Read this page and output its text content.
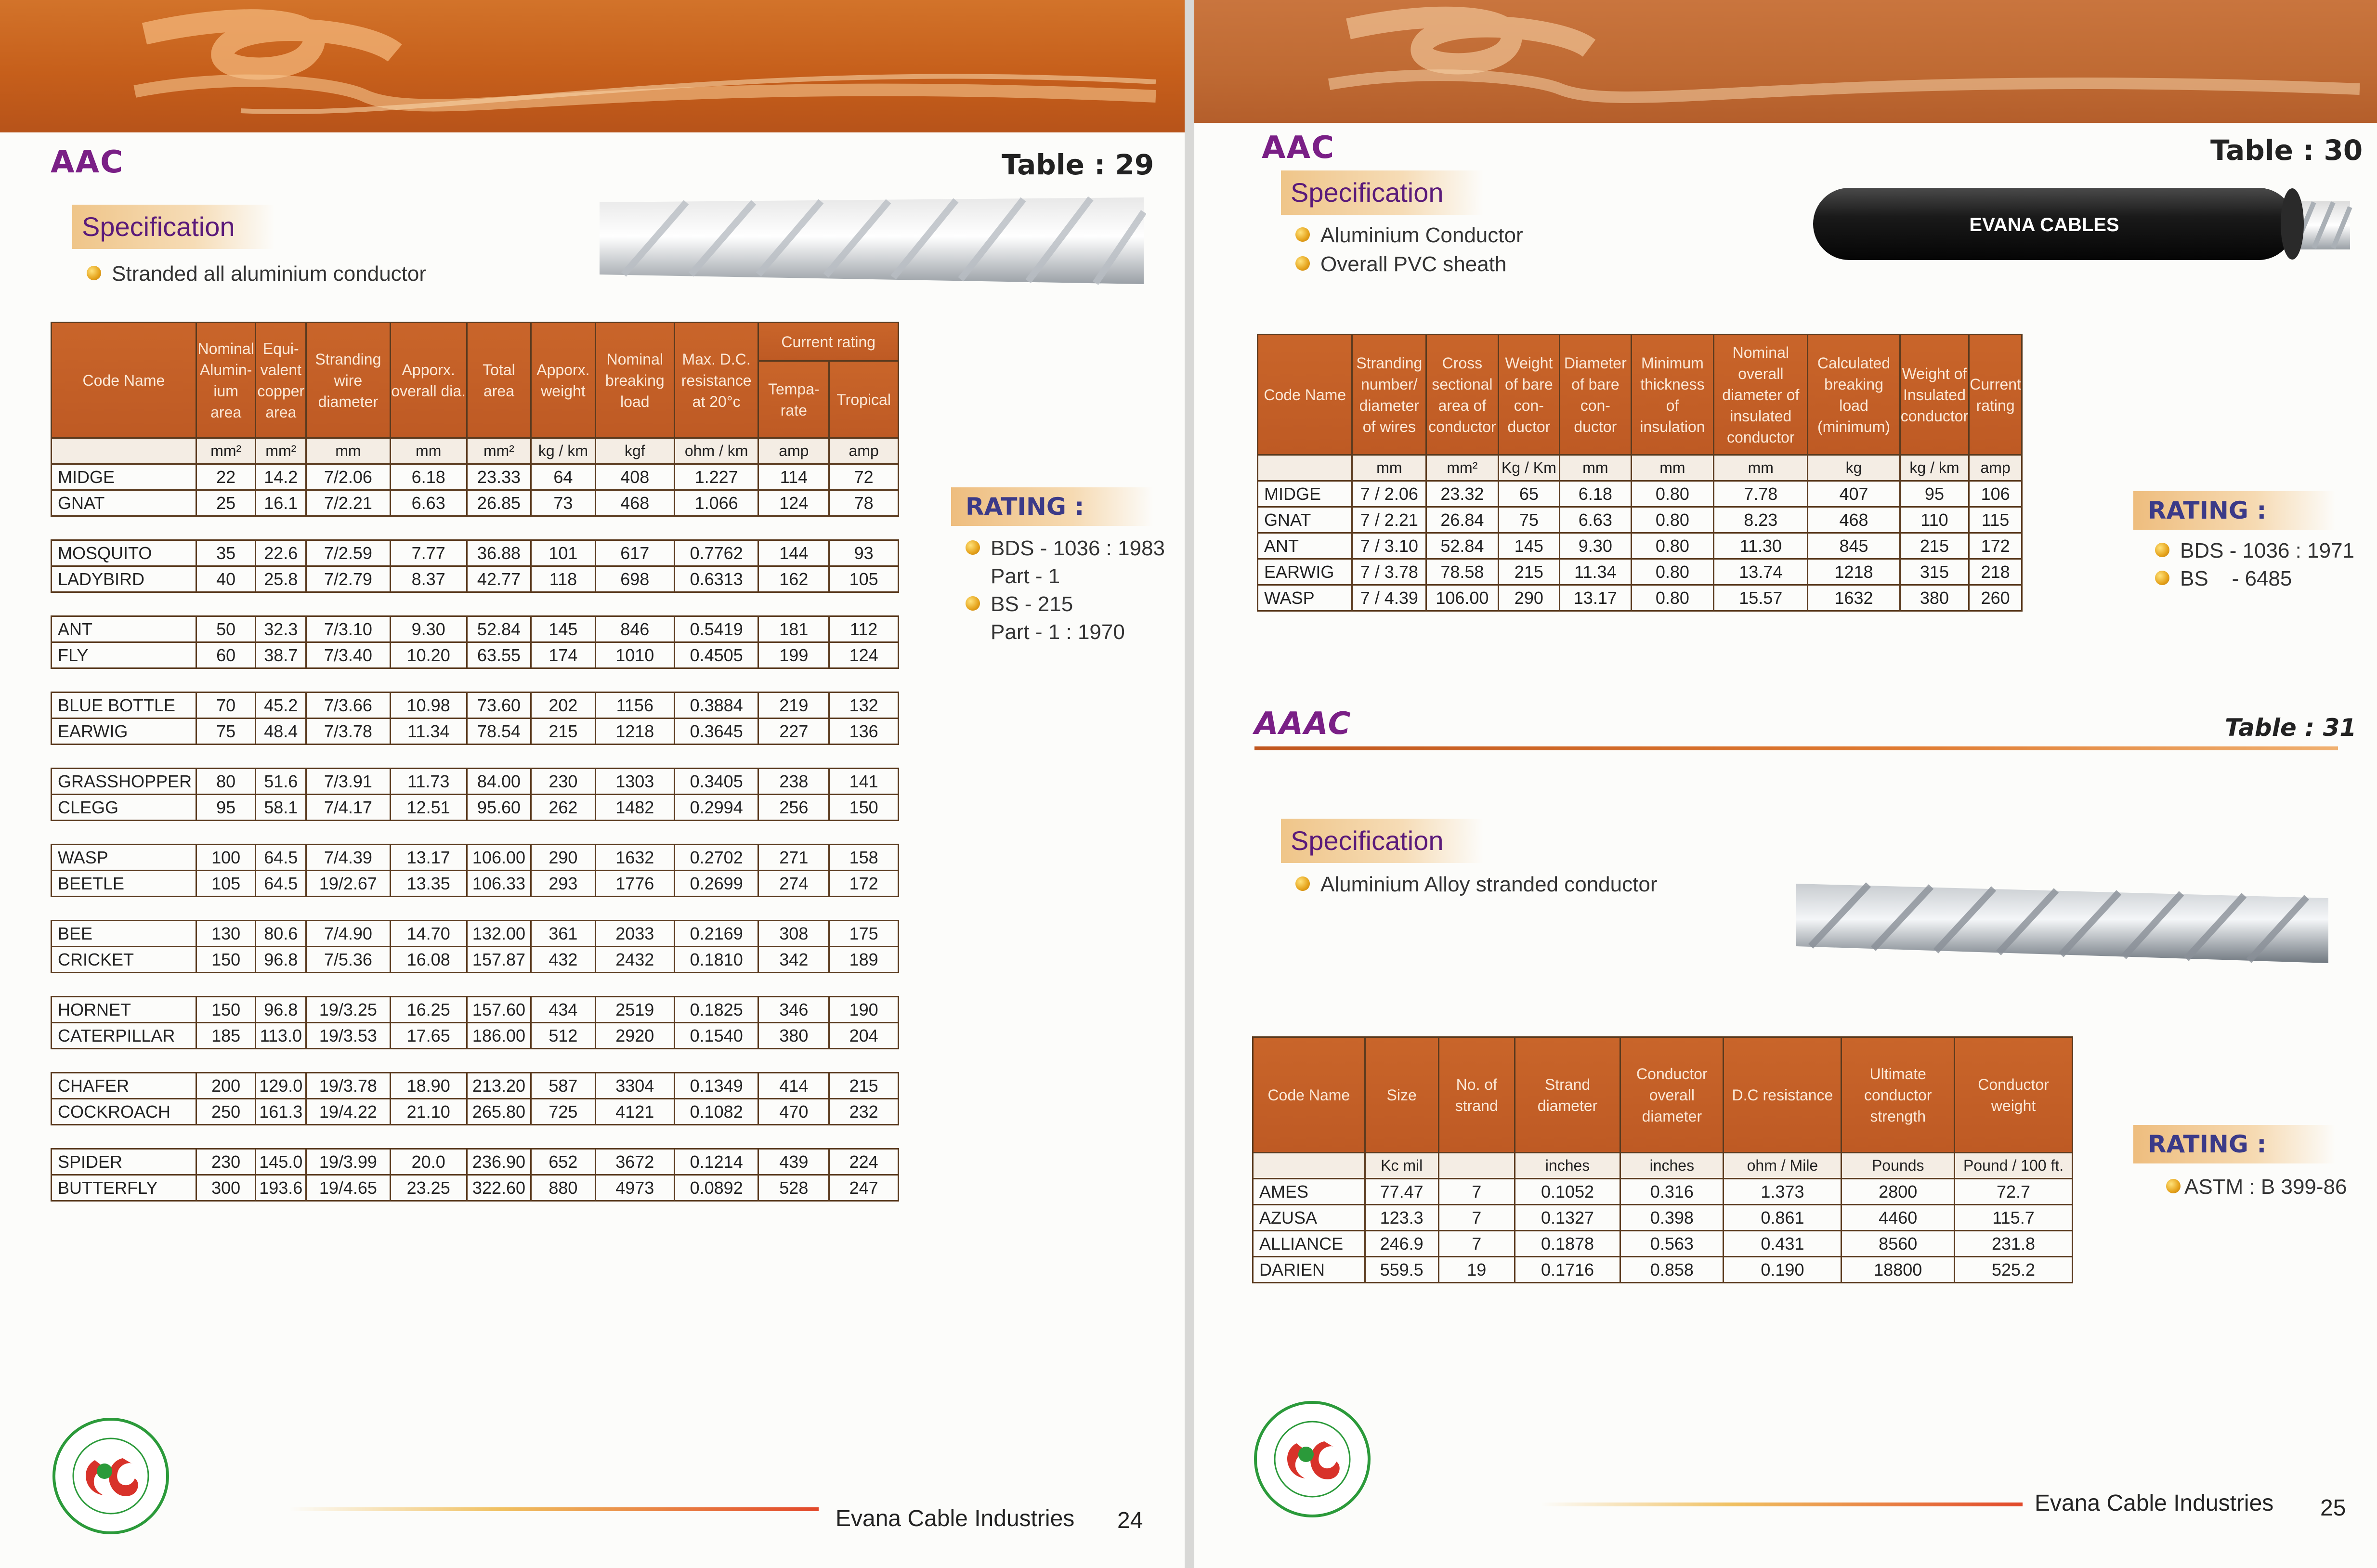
AAC	Table : 29
Specification
Stranded all aluminium conductor
Code Name	Nominal Alumin-ium area	Equi-valent copper area	Stranding wire diameter	Apporx. overall dia.	Total area	Apporx. weight	Nominal breaking load	Max. D.C. resistance at 20°c	Current rating	
									Tempa-rate	Tropical
	mm²	mm²	mm	mm	mm²	kg / km	kgf	ohm / km	amp	amp
MIDGE	22	14.2	7/2.06	6.18	23.33	64	408	1.227	114	72
GNAT	25	16.1	7/2.21	6.63	26.85	73	468	1.066	124	78

MOSQUITO	35	22.6	7/2.59	7.77	36.88	101	617	0.7762	144	93
LADYBIRD	40	25.8	7/2.79	8.37	42.77	118	698	0.6313	162	105

ANT	50	32.3	7/3.10	9.30	52.84	145	846	0.5419	181	112
FLY	60	38.7	7/3.40	10.20	63.55	174	1010	0.4505	199	124

BLUE BOTTLE	70	45.2	7/3.66	10.98	73.60	202	1156	0.3884	219	132
EARWIG	75	48.4	7/3.78	11.34	78.54	215	1218	0.3645	227	136

GRASSHOPPER	80	51.6	7/3.91	11.73	84.00	230	1303	0.3405	238	141
CLEGG	95	58.1	7/4.17	12.51	95.60	262	1482	0.2994	256	150

WASP	100	64.5	7/4.39	13.17	106.00	290	1632	0.2702	271	158
BEETLE	105	64.5	19/2.67	13.35	106.33	293	1776	0.2699	274	172

BEE	130	80.6	7/4.90	14.70	132.00	361	2033	0.2169	308	175
CRICKET	150	96.8	7/5.36	16.08	157.87	432	2432	0.1810	342	189

HORNET	150	96.8	19/3.25	16.25	157.60	434	2519	0.1825	346	190
CATERPILLAR	185	113.0	19/3.53	17.65	186.00	512	2920	0.1540	380	204

CHAFER	200	129.0	19/3.78	18.90	213.20	587	3304	0.1349	414	215
COCKROACH	250	161.3	19/4.22	21.10	265.80	725	4121	0.1082	470	232

SPIDER	230	145.0	19/3.99	20.0	236.90	652	3672	0.1214	439	224
BUTTERFLY	300	193.6	19/4.65	23.25	322.60	880	4973	0.0892	528	247
RATING :
BDS - 1036 : 1983
Part - 1
BS - 215
Part - 1 : 1970
Evana Cable Industries 24
AAC	Table : 30
Specification
Aluminium Conductor
Overall PVC sheath
EVANA CABLES
Code Name	Stranding number/ diameter of wires	Cross sectional area of conductor	Weight of bare con-ductor	Diameter of bare con-ductor	Minimum thickness of insulation	Nominal overall diameter of insulated conductor	Calculated breaking load (minimum)	Weight of Insulated conductor	Current rating
	mm	mm²	Kg / Km	mm	mm	mm	kg	kg / km	amp
MIDGE	7 / 2.06	23.32	65	6.18	0.80	7.78	407	95	106
GNAT	7 / 2.21	26.84	75	6.63	0.80	8.23	468	110	115
ANT	7 / 3.10	52.84	145	9.30	0.80	11.30	845	215	172
EARWIG	7 / 3.78	78.58	215	11.34	0.80	13.74	1218	315	218
WASP	7 / 4.39	106.00	290	13.17	0.80	15.57	1632	380	260
RATING :
BDS - 1036 : 1971
BS    - 6485
AAAC	Table : 31
Specification
Aluminium Alloy stranded conductor
Code Name	Size	No. of strand	Strand diameter	Conductor overall diameter	D.C resistance	Ultimate conductor strength	Conductor weight
	Kc mil		inches	inches	ohm / Mile	Pounds	Pound / 100 ft.
AMES	77.47	7	0.1052	0.316	1.373	2800	72.7
AZUSA	123.3	7	0.1327	0.398	0.861	4460	115.7
ALLIANCE	246.9	7	0.1878	0.563	0.431	8560	231.8
DARIEN	559.5	19	0.1716	0.858	0.190	18800	525.2
RATING :
ASTM : B 399-86
Evana Cable Industries 25
